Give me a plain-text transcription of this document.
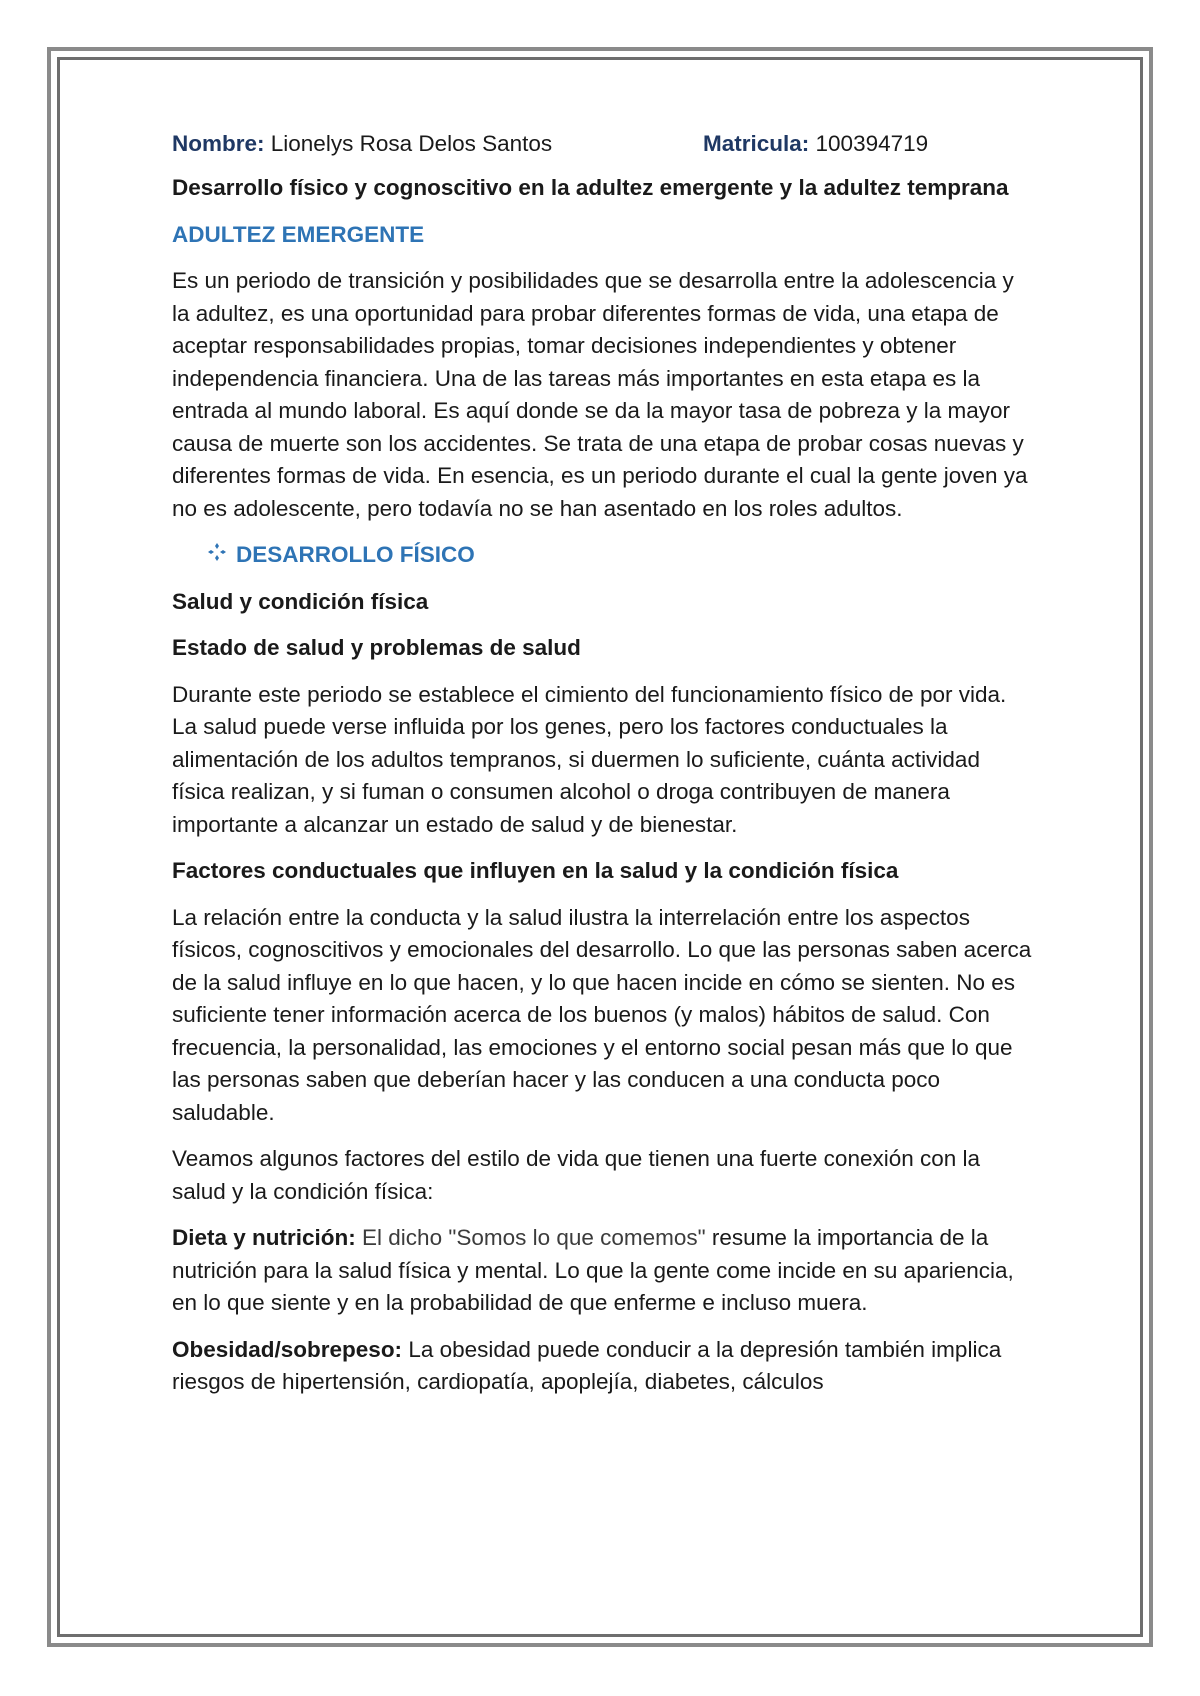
Nombre: Lionelys Rosa Delos Santos	Matricula: 100394719

Desarrollo físico y cognoscitivo en la adultez emergente y la adultez temprana

ADULTEZ EMERGENTE

Es un periodo de transición y posibilidades que se desarrolla entre la adolescencia y la adultez, es una oportunidad para probar diferentes formas de vida, una etapa de aceptar responsabilidades propias, tomar decisiones independientes y obtener independencia financiera. Una de las tareas más importantes en esta etapa es la entrada al mundo laboral. Es aquí donde se da la mayor tasa de pobreza y la mayor causa de muerte son los accidentes. Se trata de una etapa de probar cosas nuevas y diferentes formas de vida. En esencia, es un periodo durante el cual la gente joven ya no es adolescente, pero todavía no se han asentado en los roles adultos.

DESARROLLO FÍSICO

Salud y condición física

Estado de salud y problemas de salud

Durante este periodo se establece el cimiento del funcionamiento físico de por vida. La salud puede verse influida por los genes, pero los factores conductuales la alimentación de los adultos tempranos, si duermen lo suficiente, cuánta actividad física realizan, y si fuman o consumen alcohol o droga contribuyen de manera importante a alcanzar un estado de salud y de bienestar.

Factores conductuales que influyen en la salud y la condición física

La relación entre la conducta y la salud ilustra la interrelación entre los aspectos físicos, cognoscitivos y emocionales del desarrollo. Lo que las personas saben acerca de la salud influye en lo que hacen, y lo que hacen incide en cómo se sienten. No es suficiente tener información acerca de los buenos (y malos) hábitos de salud. Con frecuencia, la personalidad, las emociones y el entorno social pesan más que lo que las personas saben que deberían hacer y las conducen a una conducta poco saludable.

Veamos algunos factores del estilo de vida que tienen una fuerte conexión con la salud y la condición física:

Dieta y nutrición: El dicho "Somos lo que comemos" resume la importancia de la nutrición para la salud física y mental. Lo que la gente come incide en su apariencia, en lo que siente y en la probabilidad de que enferme e incluso muera.

Obesidad/sobrepeso: La obesidad puede conducir a la depresión también implica riesgos de hipertensión, cardiopatía, apoplejía, diabetes, cálculos
